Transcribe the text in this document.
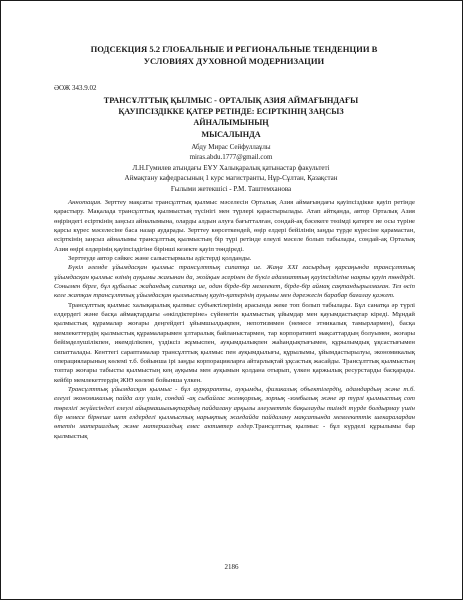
ПОДСЕКЦИЯ 5.2 ГЛОБАЛЬНЫЕ И РЕГИОНАЛЬНЫЕ ТЕНДЕНЦИИ В
УСЛОВИЯХ ДУХОВНОЙ МОДЕРНИЗАЦИИ
ӘОЖ 343.9.02
ТРАНСҰЛТТЫҚ ҚЫЛМЫС - ОРТАЛЫҚ АЗИЯ АЙМАҒЫНДАҒЫ
ҚАУІПСІЗДІККЕ ҚАТЕР РЕТІНДЕ: ЕСІРТКІНІҢ ЗАҢСЫЗ АЙНАЛЫМЫНЫҢ
МЫСАЛЫНДА
Абду Мирас Сейфуллаұлы
miras.abdu.1777@gmail.com
Л.Н.Гумилев атындағы ЕҰУ Халықаралық қатынастар факультеті
Аймақтану кафедрасының 1 курс магистранты, Нұр-Сұлтан, Қазақстан
Ғылыми жетекшісі - Р.М. Таштемханова

Аннотация. Зерттеу мақсаты трансұлттық қылмыс мәселесін Орталық Азия аймағындағы қауіпсіздікке қауіп ретінде қарастыру. Мақалада трансұлттық қылмыстың түсінігі мен түрлері қарастырылады. Атап айтқанда, автор Орталық Азия өңіріндегі есірткінің заңсыз айналымына, оларды алдын алуға бағытталған, сондай-ақ бәсекеге төзімді қатерге ие осы түріне қарсы күрес мәселесіне баса назар аударады. Зерттеу көрсеткендей, өңір елдері бейілінің заңды түрде күресіне қарамастан, есірткінің заңсыз айналымы трансұлттық қылмыстың бір түрі ретінде елеулі мәселе болып табылады, сондай-ақ Орталық Азия өңірі елдерінің қауіпсіздігіне бірінші кезекте қауіп төндіреді.

Зерттеуде автор сәйкес және салыстырмалы әдістерді қолданды.

Бүкіл әлемде ұйымдасқан қылмыс трансұлттық сипатқа ие. Жаңа XXI ғасырдың қарсаңында трансұлттық ұйымдасқан қылмыс өзінің ауқымы жағынан да, жойқын әсерінен де бүкіл адамзаттың қауіпсіздігіне нақты қауіп төндірді. Сонымен бірге, бұл құбылыс жаһандық сипатқа ие, одан бірде-бір мемлекет, бірде-бір аймақ сақтандырылмаған. Тез өсіп келе жатқан трансұлттық ұйымдасқан қылмыстың қауіп-қатерінің ауқымы мен дәрежесін барабар бағалау қажет.

Трансұлттық қылмыс халықаралық қылмыс субъектілерінің арасында жеке топ болып табылады. Бұл санатқа әр түрлі елдердегі және басқа аймақтардағы «өкілдіктеріне» сүйенетін қылмыстық ұйымдар мен қауымдастықтар кіреді. Мұндай қылмыстық құрамалар жоғары деңгейдегі ұйымшылдықпен, непотизммен (немесе этникалық тамырлармен), басқа мемлекеттердің қылмыстық құрамаларымен ұлтаралық байланыстармен, тар корпоративті мақсаттардың болуымен, жоғары бейімделушілікпен, икемділікпен, үздіксіз жұмыспен, ауқымдылықпен жаһандықтығымен, құрылымдық ұқсастығымен сипатталады. Кенттегі сараптамалар трансұлттық қылмыс пен ауқымдылығы, құрылымы, ұйымдастырылуы, экономикалық операцияларының көлемі т.б. бойынша ірі заңды корпорацияларға айтарлықтай ұқсастық жасайды. Трансұлттық қылмыстың топтар жоғары табысты қылмыстың кең ауқымы мен ауқымын қолдана отырып, үлкен қаржылық ресурстарды басқарады. кейбір мемлекеттердің ЖІӨ көлемі бойынша үлкен.

Трансұлттық ұйымдасқан қылмыс - бұл аурқаратты, ауқымды, физикалық объектілердің, адамдардың және т.б. елеулі экономикалық пайда алу үшін, сондай -ақ сыбайлас жемқорлық, зорлық -зомбылық және әр түрлі қылмыстық сот төрелігі жүйесіндегі елеулі айырмашылықтардың пайдалану арқылы әлеуметтік бақылауды тиімді түрде болдырмау үшін бір немесе бірнеше шет елдердегі қылмыстық нарықтық жағдайда пайдалану мақсатында мемлекеттік шекаралардан өтетін материалдық және материалдық емес активтер елдер.Трансұлттық қылмыс - бұл күрделі құрылымы бар қылмыстық

2186
